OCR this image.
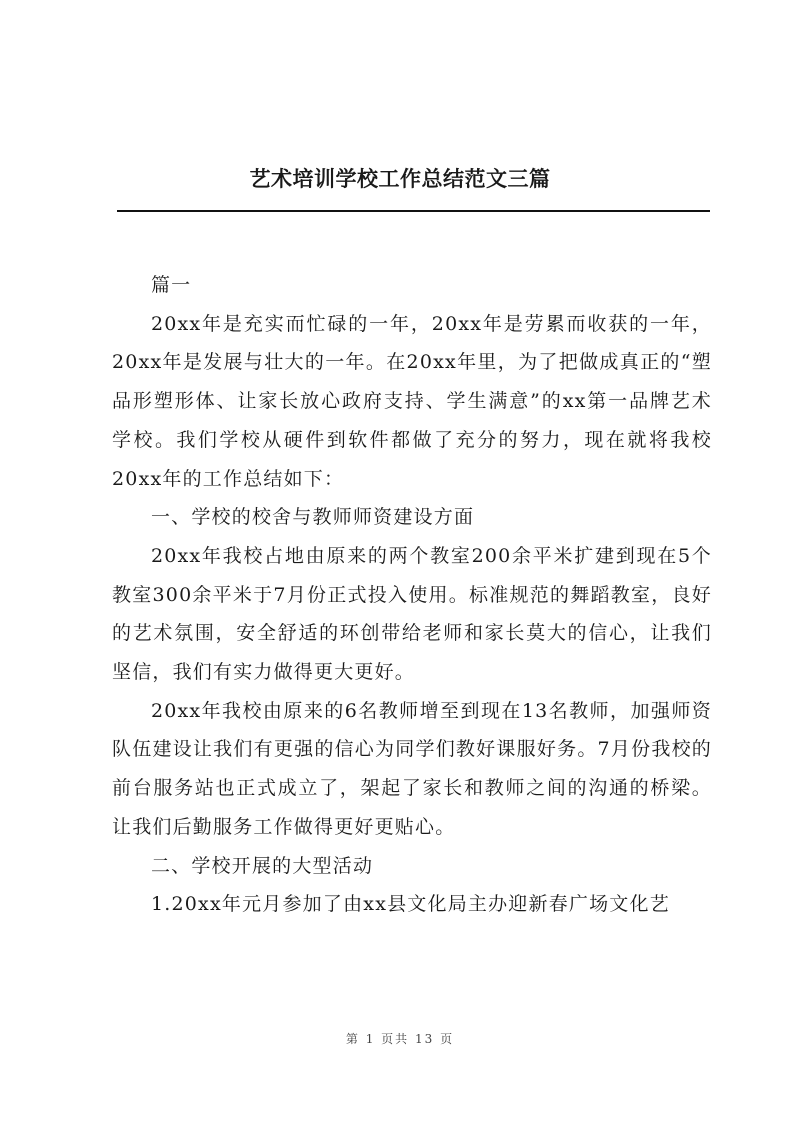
艺术培训学校工作总结范文三篇

篇一

20xx年是充实而忙碌的一年，20xx年是劳累而收获的一年，20xx年是发展与壮大的一年。在20xx年里，为了把做成真正的“塑品形塑形体、让家长放心政府支持、学生满意”的xx第一品牌艺术学校。我们学校从硬件到软件都做了充分的努力，现在就将我校20xx年的工作总结如下：

一、学校的校舍与教师师资建设方面

20xx年我校占地由原来的两个教室200余平米扩建到现在5个教室300余平米于7月份正式投入使用。标准规范的舞蹈教室，良好的艺术氛围，安全舒适的环创带给老师和家长莫大的信心，让我们坚信，我们有实力做得更大更好。

20xx年我校由原来的6名教师增至到现在13名教师，加强师资队伍建设让我们有更强的信心为同学们教好课服好务。7月份我校的前台服务站也正式成立了，架起了家长和教师之间的沟通的桥梁。让我们后勤服务工作做得更好更贴心。

二、学校开展的大型活动

1.20xx年元月参加了由xx县文化局主办迎新春广场文化艺

第 1 页共 13 页
